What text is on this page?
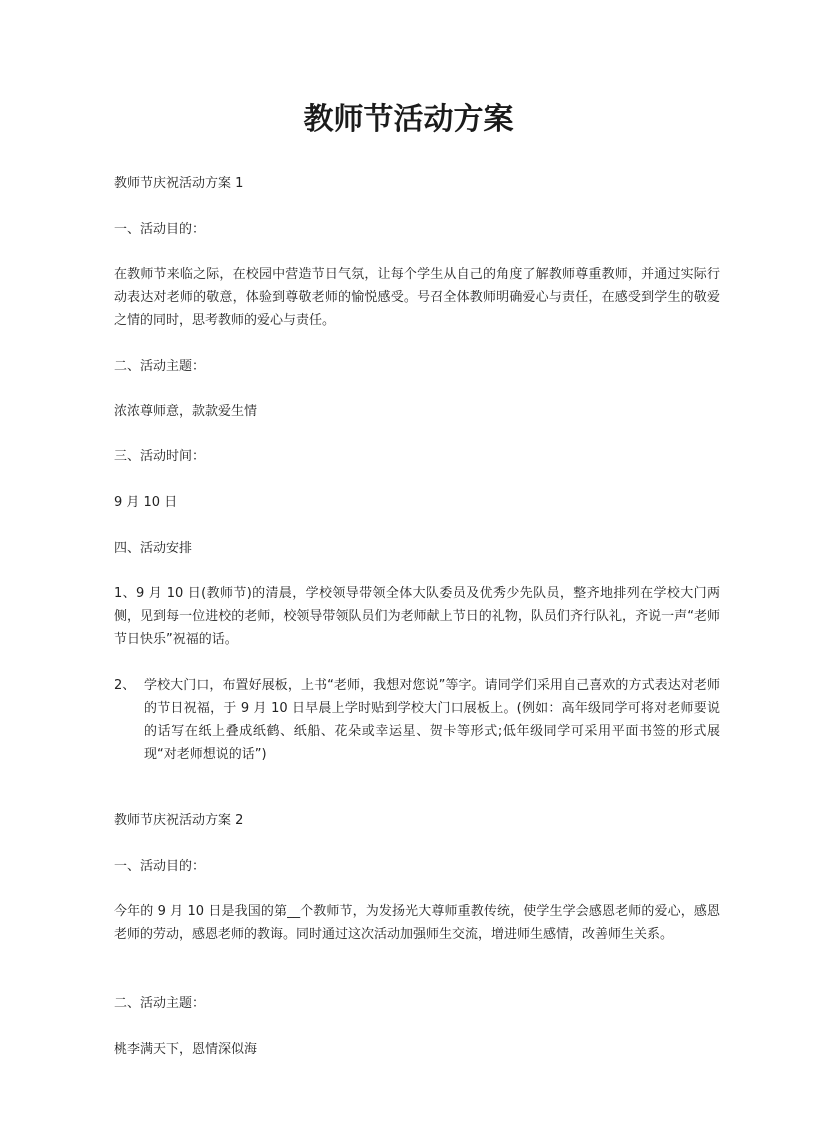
教师节活动方案

教师节庆祝活动方案 1

一、活动目的：

在教师节来临之际，在校园中营造节日气氛，让每个学生从自己的角度了解教师尊重教师，并通过实际行动表达对老师的敬意，体验到尊敬老师的愉悦感受。号召全体教师明确爱心与责任，在感受到学生的敬爱之情的同时，思考教师的爱心与责任。

二、活动主题：

浓浓尊师意，款款爱生情

三、活动时间：

9 月 10 日

四、活动安排

1、9 月 10 日(教师节)的清晨，学校领导带领全体大队委员及优秀少先队员，整齐地排列在学校大门两侧，见到每一位进校的老师，校领导带领队员们为老师献上节日的礼物，队员们齐行队礼，齐说一声“老师节日快乐”祝福的话。

2、 学校大门口，布置好展板，上书“老师，我想对您说”等字。请同学们采用自己喜欢的方式表达对老师的节日祝福，于 9 月 10 日早晨上学时贴到学校大门口展板上。(例如：高年级同学可将对老师要说的话写在纸上叠成纸鹤、纸船、花朵或幸运星、贺卡等形式;低年级同学可采用平面书签的形式展现“对老师想说的话”)

教师节庆祝活动方案 2

一、活动目的：

今年的 9 月 10 日是我国的第__个教师节，为发扬光大尊师重教传统，使学生学会感恩老师的爱心，感恩老师的劳动，感恩老师的教诲。同时通过这次活动加强师生交流，增进师生感情，改善师生关系。

二、活动主题：

桃李满天下，恩情深似海
